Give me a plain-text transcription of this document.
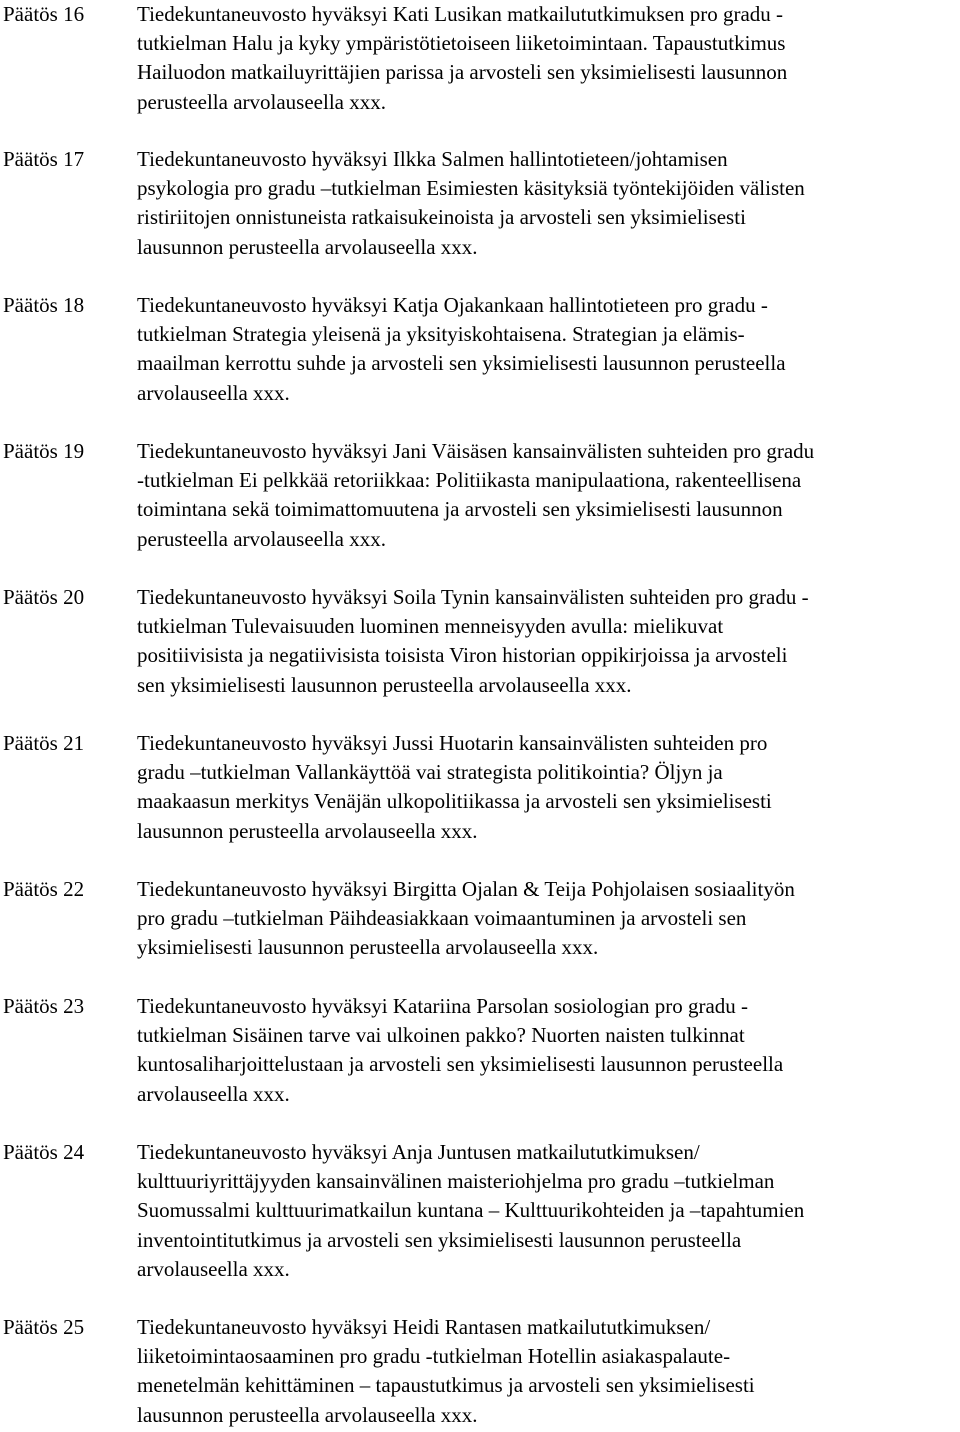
Päätös 16	Tiedekuntaneuvosto hyväksyi Kati Lusikan matkailututkimuksen pro gradu -
tutkielman Halu ja kyky ympäristötietoiseen liiketoimintaan. Tapaustutkimus
Hailuodon matkailuyrittäjien parissa ja arvosteli sen yksimielisesti lausunnon
perusteella arvolauseella xxx.
Päätös 17	Tiedekuntaneuvosto hyväksyi Ilkka Salmen hallintotieteen/johtamisen
psykologia pro gradu –tutkielman Esimiesten käsityksiä työntekijöiden välisten
ristiriitojen onnistuneista ratkaisukeinoista ja arvosteli sen yksimielisesti
lausunnon perusteella arvolauseella xxx.
Päätös 18	Tiedekuntaneuvosto hyväksyi Katja Ojakankaan hallintotieteen pro gradu -
tutkielman Strategia yleisenä ja yksityiskohtaisena. Strategian ja elämis-
maailman kerrottu suhde ja arvosteli sen yksimielisesti lausunnon perusteella
arvolauseella xxx.
Päätös 19	Tiedekuntaneuvosto hyväksyi Jani Väisäsen kansainvälisten suhteiden pro gradu
-tutkielman Ei pelkkää retoriikkaa: Politiikasta manipulaationa, rakenteellisena
toimintana sekä toimimattomuutena ja arvosteli sen yksimielisesti lausunnon
perusteella arvolauseella xxx.
Päätös 20	Tiedekuntaneuvosto hyväksyi Soila Tynin kansainvälisten suhteiden pro gradu -
tutkielman Tulevaisuuden luominen menneisyyden avulla: mielikuvat
positiivisista ja negatiivisista toisista Viron historian oppikirjoissa ja arvosteli
sen yksimielisesti lausunnon perusteella arvolauseella xxx.
Päätös 21	Tiedekuntaneuvosto hyväksyi Jussi Huotarin kansainvälisten suhteiden pro
gradu –tutkielman Vallankäyttöä vai strategista politikointia? Öljyn ja
maakaasun merkitys Venäjän ulkopolitiikassa ja arvosteli sen yksimielisesti
lausunnon perusteella arvolauseella xxx.
Päätös 22	Tiedekuntaneuvosto hyväksyi Birgitta Ojalan & Teija Pohjolaisen sosiaalityön
pro gradu –tutkielman Päihdeasiakkaan voimaantuminen ja arvosteli sen
yksimielisesti lausunnon perusteella arvolauseella xxx.
Päätös 23	Tiedekuntaneuvosto hyväksyi Katariina Parsolan sosiologian pro gradu -
tutkielman Sisäinen tarve vai ulkoinen pakko? Nuorten naisten tulkinnat
kuntosaliharjoittelustaan ja arvosteli sen yksimielisesti lausunnon perusteella
arvolauseella xxx.
Päätös 24	Tiedekuntaneuvosto hyväksyi Anja Juntusen matkailututkimuksen/
kulttuuriyrittäjyyden kansainvälinen maisteriohjelma pro gradu –tutkielman
Suomussalmi kulttuurimatkailun kuntana – Kulttuurikohteiden ja –tapahtumien
inventointitutkimus ja arvosteli sen yksimielisesti lausunnon perusteella
arvolauseella xxx.
Päätös 25	Tiedekuntaneuvosto hyväksyi Heidi Rantasen matkailututkimuksen/
liiketoimintaosaaminen pro gradu -tutkielman Hotellin asiakaspalaute-
menetelmän kehittäminen – tapaustutkimus ja arvosteli sen yksimielisesti
lausunnon perusteella arvolauseella xxx.
